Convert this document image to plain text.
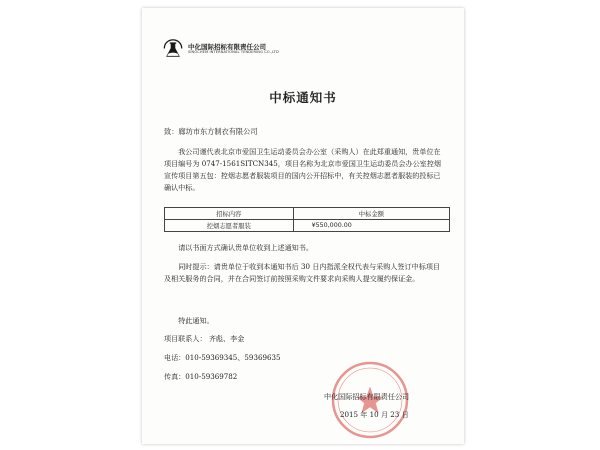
中化国际招标有限责任公司
SINOCHEM INTERNATIONAL TENDERING CO.,LTD
中标通知书
致：廊坊市东方制衣有限公司

我公司谨代表北京市爱国卫生运动委员会办公室（采购人）在此郑重通知，贵单位在项目编号为 0747-1561SITCN345，项目名称为北京市爱国卫生运动委员会办公室控烟宣传项目第五包：控烟志愿者服装项目的国内公开招标中，有关控烟志愿者服装的投标已确认中标。

招标内容	中标金额
控烟志愿者服装	¥550,000.00

请以书面方式确认贵单位收到上述通知书。

同时提示：请贵单位于收到本通知书后 30 日内指派全权代表与采购人签订中标项目及相关服务的合同，并在合同签订前按照采购文件要求向采购人提交履约保证金。

特此通知。

项目联系人： 齐彪、李金
电话：010-59369345、59369635
传真：010-59369782
中化国际招标有限责任公司
2015 年 10 月 23 日
